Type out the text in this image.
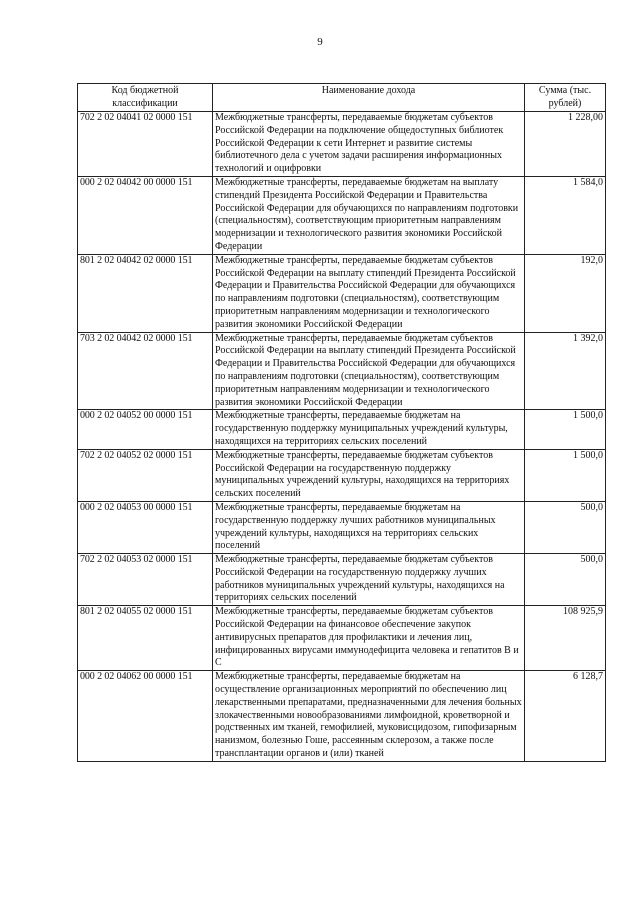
9
Код бюджетной классификации	Наименование дохода	Сумма (тыс. рублей)
702 2 02 04041 02 0000 151	Межбюджетные трансферты, передаваемые бюджетам субъектов Российской Федерации на подключение общедоступных библиотек Российской Федерации к сети Интернет и развитие системы библиотечного дела с учетом задачи расширения информационных технологий и оцифровки	1 228,00
000 2 02 04042 00 0000 151	Межбюджетные трансферты, передаваемые бюджетам на выплату стипендий Президента Российской Федерации и Правительства Российской Федерации для обучающихся по направлениям подготовки (специальностям), соответствующим приоритетным направлениям модернизации и технологического развития экономики Российской Федерации	1 584,0
801 2 02 04042 02 0000 151	Межбюджетные трансферты, передаваемые бюджетам субъектов Российской Федерации на выплату стипендий Президента Российской Федерации и Правительства Российской Федерации для обучающихся по направлениям подготовки (специальностям), соответствующим приоритетным направлениям модернизации и технологического развития экономики Российской Федерации	192,0
703 2 02 04042 02 0000 151	Межбюджетные трансферты, передаваемые бюджетам субъектов Российской Федерации на выплату стипендий Президента Российской Федерации и Правительства Российской Федерации для обучающихся по направлениям подготовки (специальностям), соответствующим приоритетным направлениям модернизации и технологического развития экономики Российской Федерации	1 392,0
000 2 02 04052 00 0000 151	Межбюджетные трансферты, передаваемые бюджетам на государственную поддержку муниципальных учреждений культуры, находящихся на территориях сельских поселений	1 500,0
702 2 02 04052 02 0000 151	Межбюджетные трансферты, передаваемые бюджетам субъектов Российской Федерации на государственную поддержку муниципальных учреждений культуры, находящихся на территориях сельских поселений	1 500,0
000 2 02 04053 00 0000 151	Межбюджетные трансферты, передаваемые бюджетам на государственную поддержку лучших работников муниципальных учреждений культуры, находящихся на территориях сельских поселений	500,0
702 2 02 04053 02 0000 151	Межбюджетные трансферты, передаваемые бюджетам субъектов Российской Федерации на государственную поддержку лучших работников муниципальных учреждений культуры, находящихся на территориях сельских поселений	500,0
801 2 02 04055 02 0000 151	Межбюджетные трансферты, передаваемые бюджетам субъектов Российской Федерации на финансовое обеспечение закупок антивирусных препаратов для профилактики и лечения лиц, инфицированных вирусами иммунодефицита человека и гепатитов В и С	108 925,9
000 2 02 04062 00 0000 151	Межбюджетные трансферты, передаваемые бюджетам на осуществление организационных мероприятий по обеспечению лиц лекарственными препаратами, предназначенными для лечения больных злокачественными новообразованиями лимфоидной, кроветворной и родственных им тканей, гемофилией, муковисцидозом, гипофизарным нанизмом, болезнью Гоше, рассеянным склерозом, а также после трансплантации органов и (или) тканей	6 128,7
